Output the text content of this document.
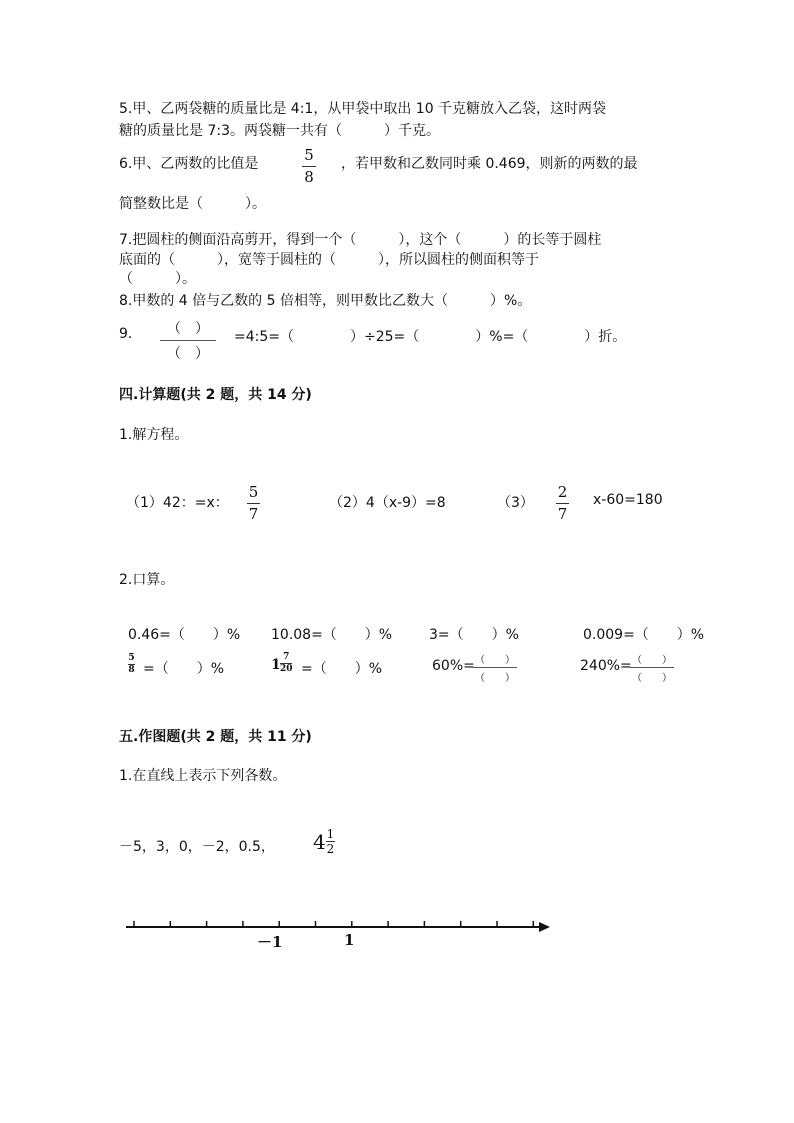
5.甲、乙两袋糖的质量比是 4:1，从甲袋中取出 10 千克糖放入乙袋，这时两袋
糖的质量比是 7:3。两袋糖一共有（　　　）千克。
6.甲、乙两数的比值是	5
8
，若甲数和乙数同时乘 0.469，则新的两数的最
简整数比是（　　　）。
7.把圆柱的侧面沿高剪开，得到一个（　　　），这个（　　　）的长等于圆柱
底面的（　　　），宽等于圆柱的（　　　），所以圆柱的侧面积等于
（　　　）。
8.甲数的 4 倍与乙数的 5 倍相等，则甲数比乙数大（　　　）%。
9. （　）
（　）
=4:5=（　　　　）÷25=（　　　　）%=（　　　　）折。
四.计算题(共 2 题，共 14 分)
1.解方程。
（1）42：=x：
5
7
（2）4（x-9）=8	（3）
2
7
x-60=180
2.口算。
0.46=（　　）% 10.08=（　　）%	3=（　　）%	0.009=（　　）%
5
8 =（　　）%	1 7
20 =（　　）%	60%= （　　）
（　　）
240%= （　　）
（　　）
五.作图题(共 2 题，共 11 分)
1.在直线上表示下列各数。
－5，3，0，－2，0.5， 4 1
2
－1	1
